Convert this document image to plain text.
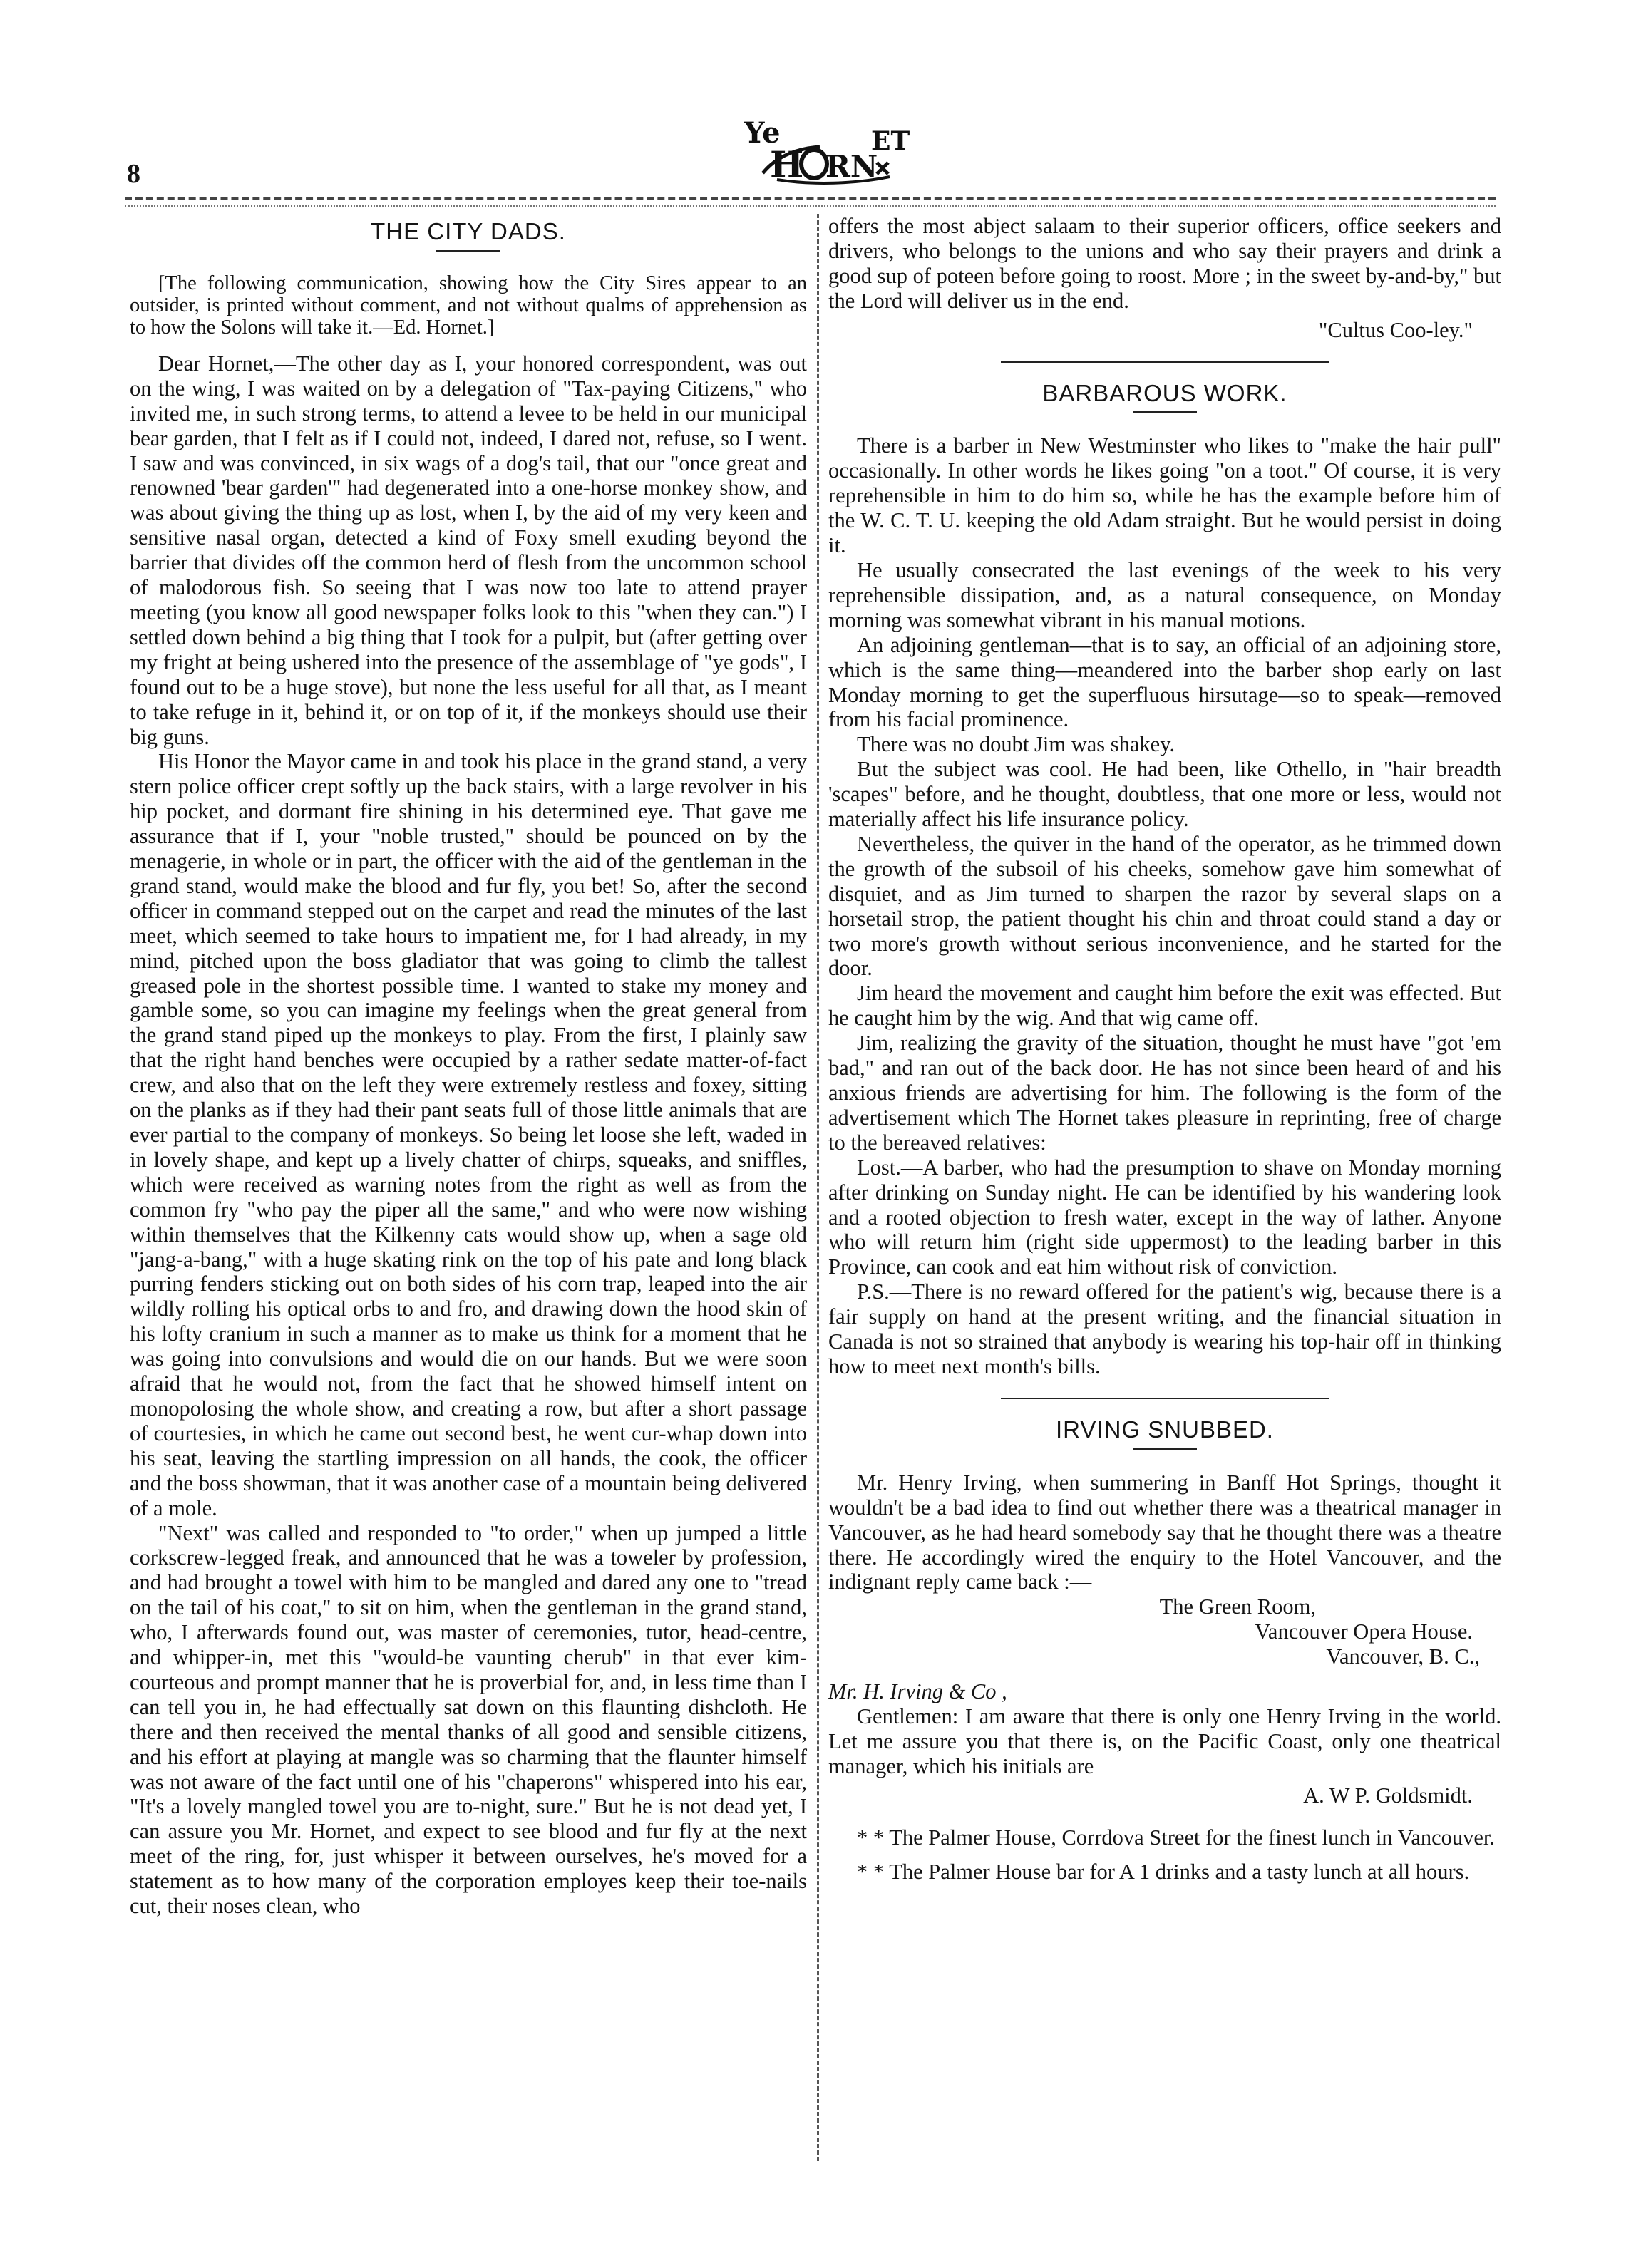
8
Ye
H RN
ET
THE CITY DADS.

[The following communication, showing how the City Sires appear to an outsider, is printed without comment, and not without qualms of apprehension as to how the Solons will take it.—Ed. Hornet.]

Dear Hornet,—The other day as I, your honored correspondent, was out on the wing, I was waited on by a delegation of "Tax-paying Citizens," who invited me, in such strong terms, to attend a levee to be held in our municipal bear garden, that I felt as if I could not, indeed, I dared not, refuse, so I went. I saw and was convinced, in six wags of a dog's tail, that our "once great and renowned 'bear garden'" had degenerated into a one-horse monkey show, and was about giving the thing up as lost, when I, by the aid of my very keen and sensitive nasal organ, detected a kind of Foxy smell exuding beyond the barrier that divides off the common herd of flesh from the uncommon school of malodorous fish. So seeing that I was now too late to attend prayer meeting (you know all good newspaper folks look to this "when they can.") I settled down behind a big thing that I took for a pulpit, but (after getting over my fright at being ushered into the presence of the assemblage of "ye gods", I found out to be a huge stove), but none the less useful for all that, as I meant to take refuge in it, behind it, or on top of it, if the monkeys should use their big guns.

His Honor the Mayor came in and took his place in the grand stand, a very stern police officer crept softly up the back stairs, with a large revolver in his hip pocket, and dormant fire shining in his determined eye. That gave me assurance that if I, your "noble trusted," should be pounced on by the menagerie, in whole or in part, the officer with the aid of the gentleman in the grand stand, would make the blood and fur fly, you bet! So, after the second officer in command stepped out on the carpet and read the minutes of the last meet, which seemed to take hours to impatient me, for I had already, in my mind, pitched upon the boss gladiator that was going to climb the tallest greased pole in the shortest possible time. I wanted to stake my money and gamble some, so you can imagine my feelings when the great general from the grand stand piped up the monkeys to play. From the first, I plainly saw that the right hand benches were occupied by a rather sedate matter-of-fact crew, and also that on the left they were extremely restless and foxey, sitting on the planks as if they had their pant seats full of those little animals that are ever partial to the company of monkeys. So being let loose she left, waded in in lovely shape, and kept up a lively chatter of chirps, squeaks, and sniffles, which were received as warning notes from the right as well as from the common fry "who pay the piper all the same," and who were now wishing within themselves that the Kilkenny cats would show up, when a sage old "jang-a-bang," with a huge skating rink on the top of his pate and long black purring fenders sticking out on both sides of his corn trap, leaped into the air wildly rolling his optical orbs to and fro, and drawing down the hood skin of his lofty cranium in such a manner as to make us think for a moment that he was going into convulsions and would die on our hands. But we were soon afraid that he would not, from the fact that he showed himself intent on monopolosing the whole show, and creating a row, but after a short passage of courtesies, in which he came out second best, he went cur-whap down into his seat, leaving the startling impression on all hands, the cook, the officer and the boss showman, that it was another case of a mountain being delivered of a mole.

"Next" was called and responded to "to order," when up jumped a little corkscrew-legged freak, and announced that he was a toweler by profession, and had brought a towel with him to be mangled and dared any one to "tread on the tail of his coat," to sit on him, when the gentleman in the grand stand, who, I afterwards found out, was master of ceremonies, tutor, head-centre, and whipper-in, met this "would-be vaunting cherub" in that ever kim-courteous and prompt manner that he is proverbial for, and, in less time than I can tell you in, he had effectually sat down on this flaunting dishcloth. He there and then received the mental thanks of all good and sensible citizens, and his effort at playing at mangle was so charming that the flaunter himself was not aware of the fact until one of his "chaperons" whispered into his ear, "It's a lovely mangled towel you are to-night, sure." But he is not dead yet, I can assure you Mr. Hornet, and expect to see blood and fur fly at the next meet of the ring, for, just whisper it between ourselves, he's moved for a statement as to how many of the corporation employes keep their toe-nails cut, their noses clean, who

offers the most abject salaam to their superior officers, office seekers and drivers, who belongs to the unions and who say their prayers and drink a good sup of poteen before going to roost. More ; in the sweet by-and-by," but the Lord will deliver us in the end.

"Cultus Coo-ley."
BARBAROUS WORK.

There is a barber in New Westminster who likes to "make the hair pull" occasionally. In other words he likes going "on a toot." Of course, it is very reprehensible in him to do him so, while he has the example before him of the W. C. T. U. keeping the old Adam straight. But he would persist in doing it.

He usually consecrated the last evenings of the week to his very reprehensible dissipation, and, as a natural consequence, on Monday morning was somewhat vibrant in his manual motions.

An adjoining gentleman—that is to say, an official of an adjoining store, which is the same thing—meandered into the barber shop early on last Monday morning to get the superfluous hirsutage—so to speak—removed from his facial prominence.

There was no doubt Jim was shakey.

But the subject was cool. He had been, like Othello, in "hair breadth 'scapes" before, and he thought, doubtless, that one more or less, would not materially affect his life insurance policy.

Nevertheless, the quiver in the hand of the operator, as he trimmed down the growth of the subsoil of his cheeks, somehow gave him somewhat of disquiet, and as Jim turned to sharpen the razor by several slaps on a horsetail strop, the patient thought his chin and throat could stand a day or two more's growth without serious inconvenience, and he started for the door.

Jim heard the movement and caught him before the exit was effected. But he caught him by the wig. And that wig came off.

Jim, realizing the gravity of the situation, thought he must have "got 'em bad," and ran out of the back door. He has not since been heard of and his anxious friends are advertising for him. The following is the form of the advertisement which The Hornet takes pleasure in reprinting, free of charge to the bereaved relatives:

Lost.—A barber, who had the presumption to shave on Monday morning after drinking on Sunday night. He can be identified by his wandering look and a rooted objection to fresh water, except in the way of lather. Anyone who will return him (right side uppermost) to the leading barber in this Province, can cook and eat him without risk of conviction.

P.S.—There is no reward offered for the patient's wig, because there is a fair supply on hand at the present writing, and the financial situation in Canada is not so strained that anybody is wearing his top-hair off in thinking how to meet next month's bills.

IRVING SNUBBED.

Mr. Henry Irving, when summering in Banff Hot Springs, thought it wouldn't be a bad idea to find out whether there was a theatrical manager in Vancouver, as he had heard somebody say that he thought there was a theatre there. He accordingly wired the enquiry to the Hotel Vancouver, and the indignant reply came back :—

The Green Room,
Vancouver Opera House.
Vancouver, B. C.,

Mr. H. Irving & Co ,

Gentlemen: I am aware that there is only one Henry Irving in the world. Let me assure you that there is, on the Pacific Coast, only one theatrical manager, which his initials are

A. W P. Goldsmidt.

* * The Palmer House, Corrdova Street for the finest lunch in Vancouver.

* * The Palmer House bar for A 1 drinks and a tasty lunch at all hours.
